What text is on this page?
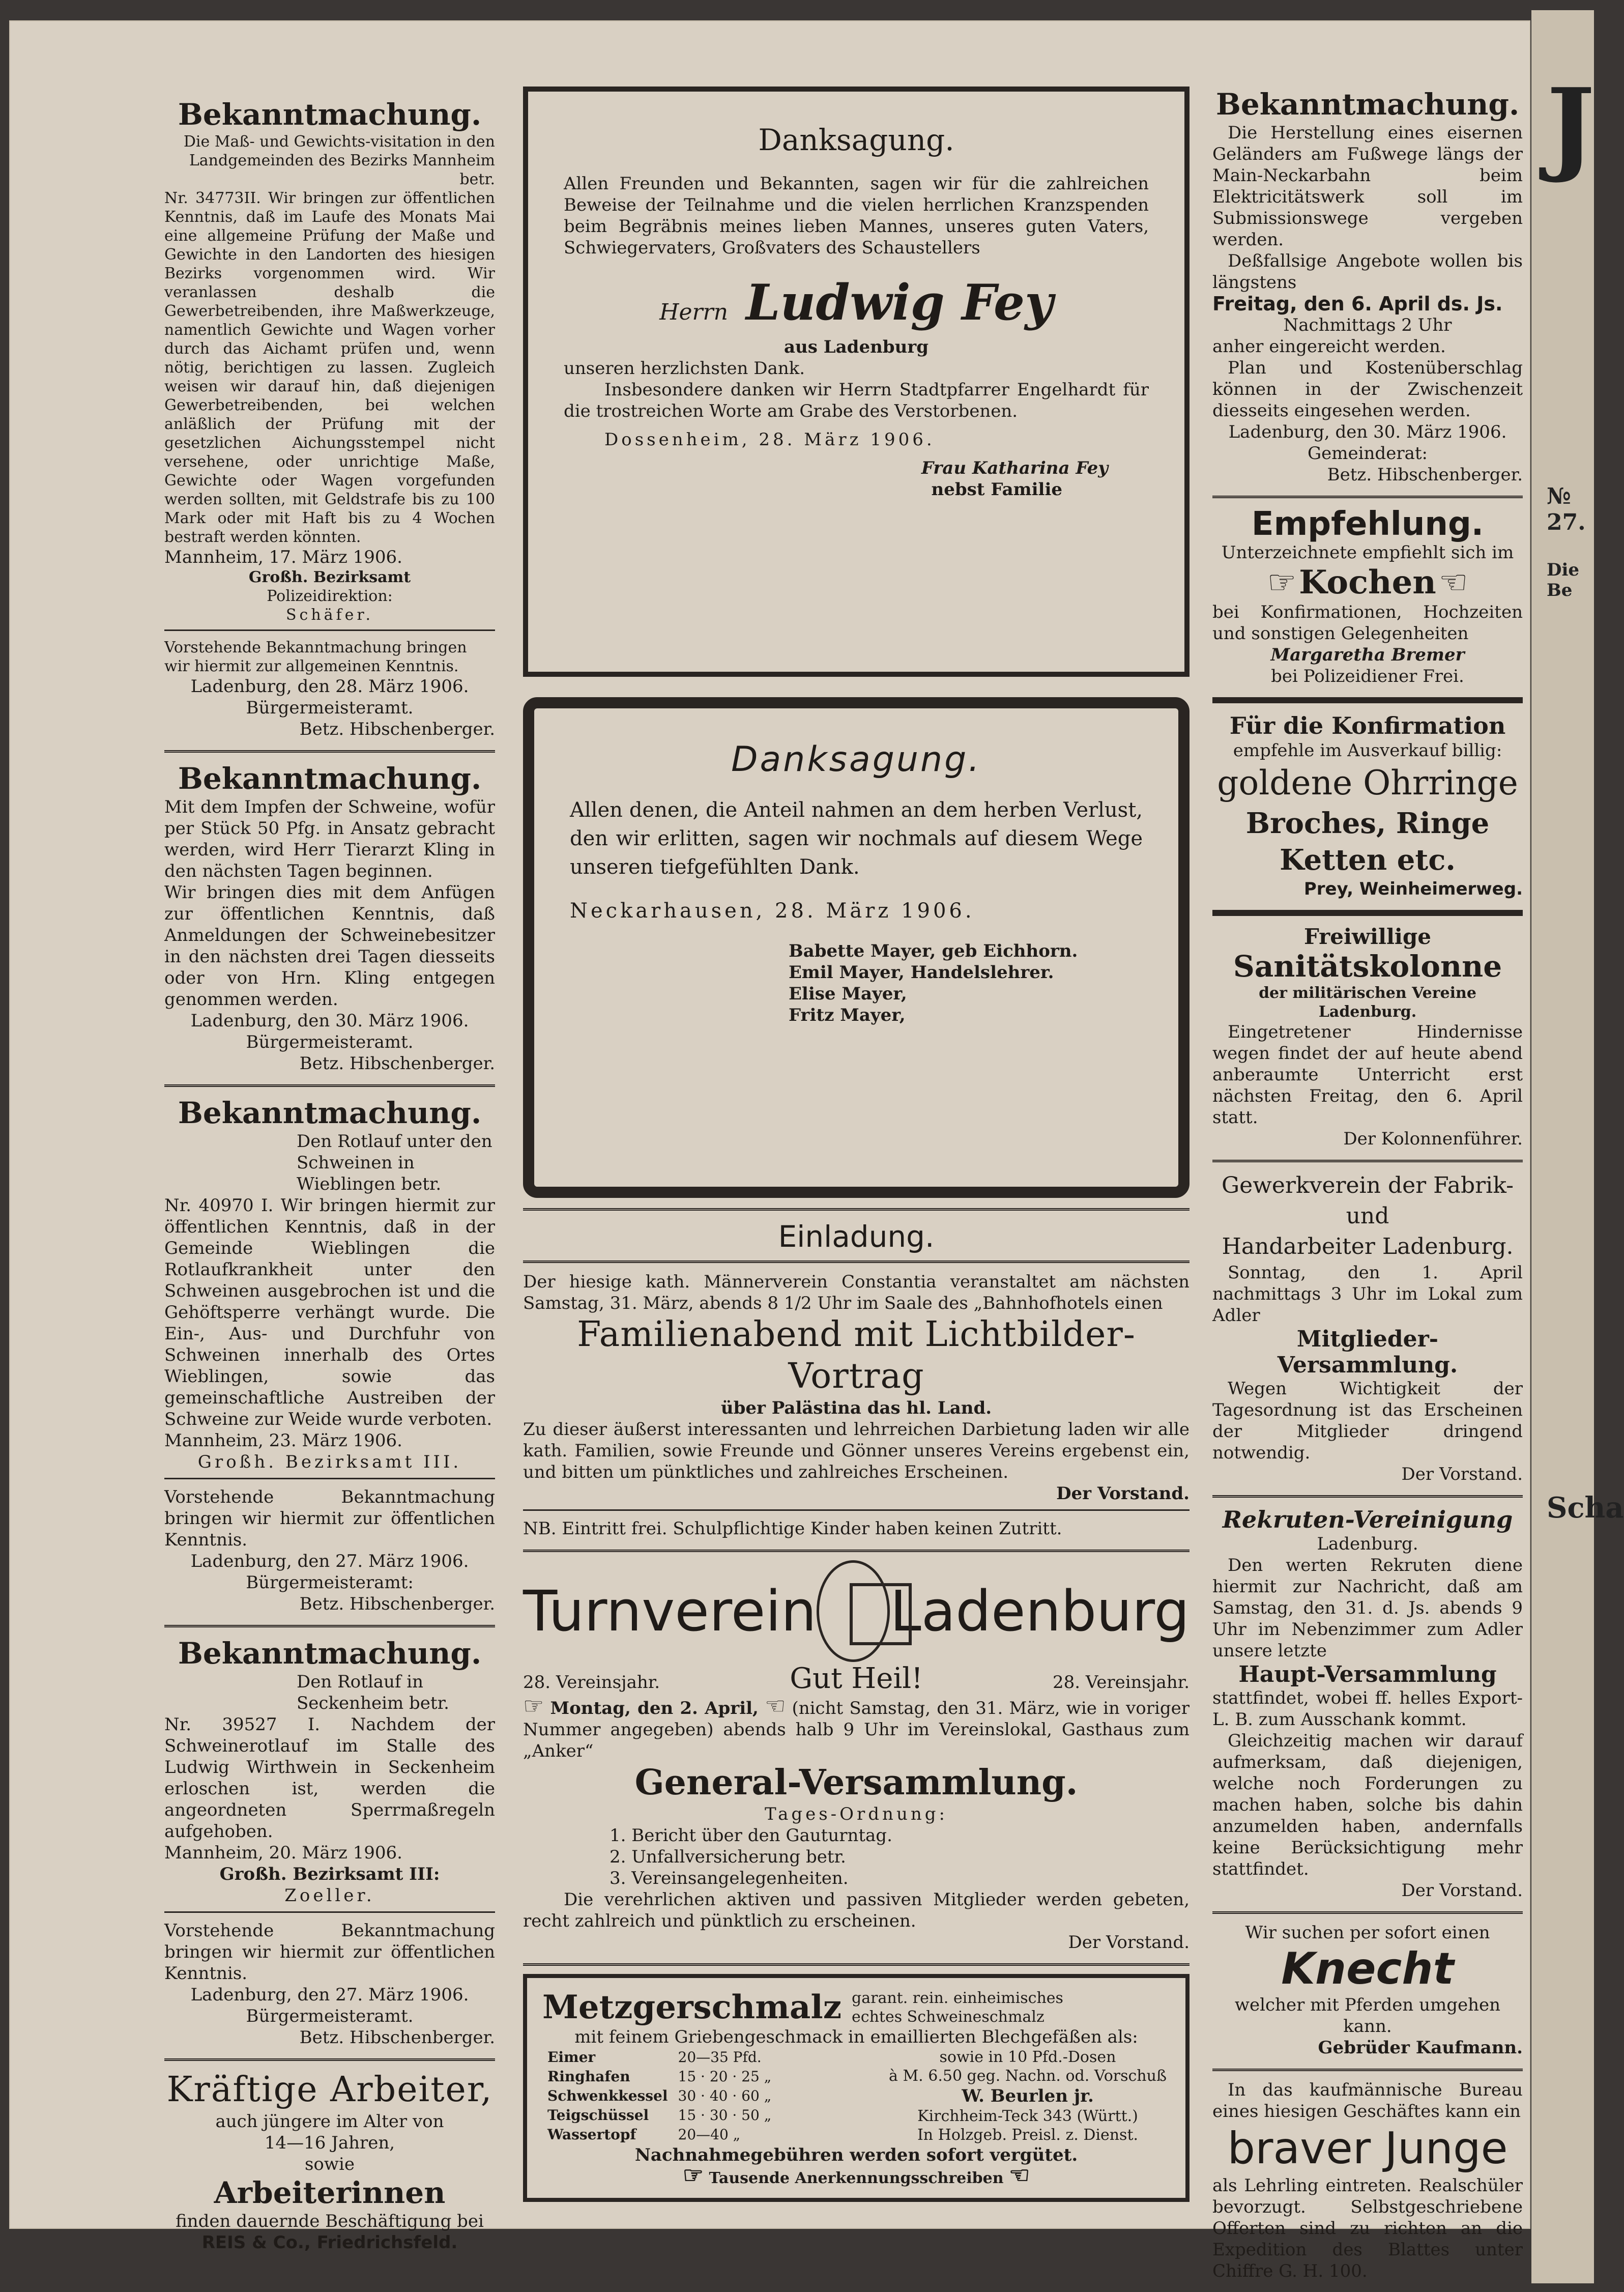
Bekanntmachung.

Die Maß- und Gewichts-visitation in den Landgemeinden des Bezirks Mannheim betr.

Nr. 34773II. Wir bringen zur öffentlichen Kenntnis, daß im Laufe des Monats Mai eine allgemeine Prüfung der Maße und Gewichte in den Landorten des hiesigen Bezirks vorgenommen wird. Wir veranlassen deshalb die Gewerbetreibenden, ihre Maßwerkzeuge, namentlich Gewichte und Wagen vorher durch das Aichamt prüfen und, wenn nötig, berichtigen zu lassen. Zugleich weisen wir darauf hin, daß diejenigen Gewerbetreibenden, bei welchen anläßlich der Prüfung mit der gesetzlichen Aichungsstempel nicht versehene, oder unrichtige Maße, Gewichte oder Wagen vorgefunden werden sollten, mit Geldstrafe bis zu 100 Mark oder mit Haft bis zu 4 Wochen bestraft werden könnten.

Mannheim, 17. März 1906.

Großh. Bezirksamt

Polizeidirektion:

Schäfer.

Vorstehende Bekanntmachung bringen wir hiermit zur allgemeinen Kenntnis.

Ladenburg, den 28. März 1906.

Bürgermeisteramt.

Betz. Hibschenberger.

Bekanntmachung.

Mit dem Impfen der Schweine, wofür per Stück 50 Pfg. in Ansatz gebracht werden, wird Herr Tierarzt Kling in den nächsten Tagen beginnen.

Wir bringen dies mit dem Anfügen zur öffentlichen Kenntnis, daß Anmeldungen der Schweinebesitzer in den nächsten drei Tagen diesseits oder von Hrn. Kling entgegen genommen werden.

Ladenburg, den 30. März 1906.

Bürgermeisteramt.

Betz. Hibschenberger.

Bekanntmachung.

Den Rotlauf unter den Schweinen in Wieblingen betr.

Nr. 40970 I. Wir bringen hiermit zur öffentlichen Kenntnis, daß in der Gemeinde Wieblingen die Rotlaufkrankheit unter den Schweinen ausgebrochen ist und die Gehöftsperre verhängt wurde. Die Ein-, Aus- und Durchfuhr von Schweinen innerhalb des Ortes Wieblingen, sowie das gemeinschaftliche Austreiben der Schweine zur Weide wurde verboten.

Mannheim, 23. März 1906.

Großh. Bezirksamt III.

Vorstehende Bekanntmachung bringen wir hiermit zur öffentlichen Kenntnis.

Ladenburg, den 27. März 1906.

Bürgermeisteramt:

Betz. Hibschenberger.

Bekanntmachung.

Den Rotlauf in Seckenheim betr.

Nr. 39527 I. Nachdem der Schweinerotlauf im Stalle des Ludwig Wirthwein in Seckenheim erloschen ist, werden die angeordneten Sperrmaßregeln aufgehoben.

Mannheim, 20. März 1906.

Großh. Bezirksamt III:

Zoeller.

Vorstehende Bekanntmachung bringen wir hiermit zur öffentlichen Kenntnis.

Ladenburg, den 27. März 1906.

Bürgermeisteramt.

Betz. Hibschenberger.

Kräftige Arbeiter,

auch jüngere im Alter von

14—16 Jahren,

sowie

Arbeiterinnen

finden dauernde Beschäftigung bei

REIS & Co., Friedrichsfeld.

Danksagung.

Allen Freunden und Bekannten, sagen wir für die zahlreichen Beweise der Teilnahme und die vielen herrlichen Kranzspenden beim Begräbnis meines lieben Mannes, unseres guten Vaters, Schwiegervaters, Großvaters des Schaustellers

Herrn Ludwig Fey

aus Ladenburg

unseren herzlichsten Dank.

Insbesondere danken wir Herrn Stadtpfarrer Engelhardt für die trostreichen Worte am Grabe des Verstorbenen.

Dossenheim, 28. März 1906.

Frau Katharina Fey

nebst Familie

Danksagung.

Allen denen, die Anteil nahmen an dem herben Verlust, den wir erlitten, sagen wir nochmals auf diesem Wege unseren tiefgefühlten Dank.

Neckarhausen, 28. März 1906.

Babette Mayer, geb Eichhorn.

Emil Mayer, Handelslehrer.

Elise Mayer,

Fritz Mayer,

Einladung.

Der hiesige kath. Männerverein Constantia veranstaltet am nächsten Samstag, 31. März, abends 8 1/2 Uhr im Saale des „Bahnhofhotels einen

Familienabend mit Lichtbilder-Vortrag

über Palästina das hl. Land.

Zu dieser äußerst interessanten und lehrreichen Darbietung laden wir alle kath. Familien, sowie Freunde und Gönner unseres Vereins ergebenst ein, und bitten um pünktliches und zahlreiches Erscheinen.

Der Vorstand.

NB. Eintritt frei. Schulpflichtige Kinder haben keinen Zutritt.

Turnverein Ladenburg
28. Vereinsjahr.	Gut Heil!	28. Vereinsjahr.

☞ Montag, den 2. April, ☜ (nicht Samstag, den 31. März, wie in voriger Nummer angegeben) abends halb 9 Uhr im Vereinslokal, Gasthaus zum „Anker“

General-Versammlung.

Tages-Ordnung:

1. Bericht über den Gauturntag.

2. Unfallversicherung betr.

3. Vereinsangelegenheiten.

Die verehrlichen aktiven und passiven Mitglieder werden gebeten, recht zahlreich und pünktlich zu erscheinen.

Der Vorstand.

Metzgerschmalz garant. rein. einheimisches echtes Schweineschmalz

mit feinem Griebengeschmack in emaillierten Blechgefäßen als:

Eimer	20—35 Pfd.
Ringhafen	15 · 20 · 25 „
Schwenkkessel	30 · 40 · 60 „
Teigschüssel	15 · 30 · 50 „
Wassertopf	20—40 „

sowie in 10 Pfd.-Dosen

à M. 6.50 geg. Nachn. od. Vorschuß

W. Beurlen jr.

Kirchheim-Teck 343 (Württ.)

In Holzgeb. Preisl. z. Dienst.

Nachnahmegebühren werden sofort vergütet.

☞ Tausende Anerkennungsschreiben ☜

Bekanntmachung.

Die Herstellung eines eisernen Geländers am Fußwege längs der Main-Neckarbahn beim Elektricitätswerk soll im Submissionswege vergeben werden.

Deßfallsige Angebote wollen bis längstens

Freitag, den 6. April ds. Js.

Nachmittags 2 Uhr

anher eingereicht werden.

Plan und Kostenüberschlag können in der Zwischenzeit diesseits eingesehen werden.

Ladenburg, den 30. März 1906.

Gemeinderat:

Betz. Hibschenberger.

Empfehlung.

Unterzeichnete empfiehlt sich im

☞ Kochen ☜

bei Konfirmationen, Hochzeiten und sonstigen Gelegenheiten

Margaretha Bremer

bei Polizeidiener Frei.

Für die Konfirmation

empfehle im Ausverkauf billig:

goldene Ohrringe
Broches, Ringe
Ketten etc.

Prey, Weinheimerweg.

Freiwillige
Sanitätskolonne

der militärischen Vereine Ladenburg.

Eingetretener Hindernisse wegen findet der auf heute abend anberaumte Unterricht erst nächsten Freitag, den 6. April statt.

Der Kolonnenführer.

Gewerkverein der Fabrik- und

Handarbeiter Ladenburg.

Sonntag, den 1. April nachmittags 3 Uhr im Lokal zum Adler

Mitglieder-Versammlung.

Wegen Wichtigkeit der Tagesordnung ist das Erscheinen der Mitglieder dringend notwendig.

Der Vorstand.

Rekruten-Vereinigung

Ladenburg.

Den werten Rekruten diene hiermit zur Nachricht, daß am Samstag, den 31. d. Js. abends 9 Uhr im Nebenzimmer zum Adler unsere letzte

Haupt-Versammlung

stattfindet, wobei ff. helles Export-L. B. zum Ausschank kommt.

Gleichzeitig machen wir darauf aufmerksam, daß diejenigen, welche noch Forderungen zu machen haben, solche bis dahin anzumelden haben, andernfalls keine Berücksichtigung mehr stattfindet.

Der Vorstand.

Wir suchen per sofort einen

Knecht

welcher mit Pferden umgehen kann.

Gebrüder Kaufmann.

In das kaufmännische Bureau eines hiesigen Geschäftes kann ein

braver Junge

als Lehrling eintreten. Realschüler bevorzugt. Selbstgeschriebene Offerten sind zu richten an die Expedition des Blattes unter Chiffre G. H. 100.

J
№ 27.
Die Be
Scha
